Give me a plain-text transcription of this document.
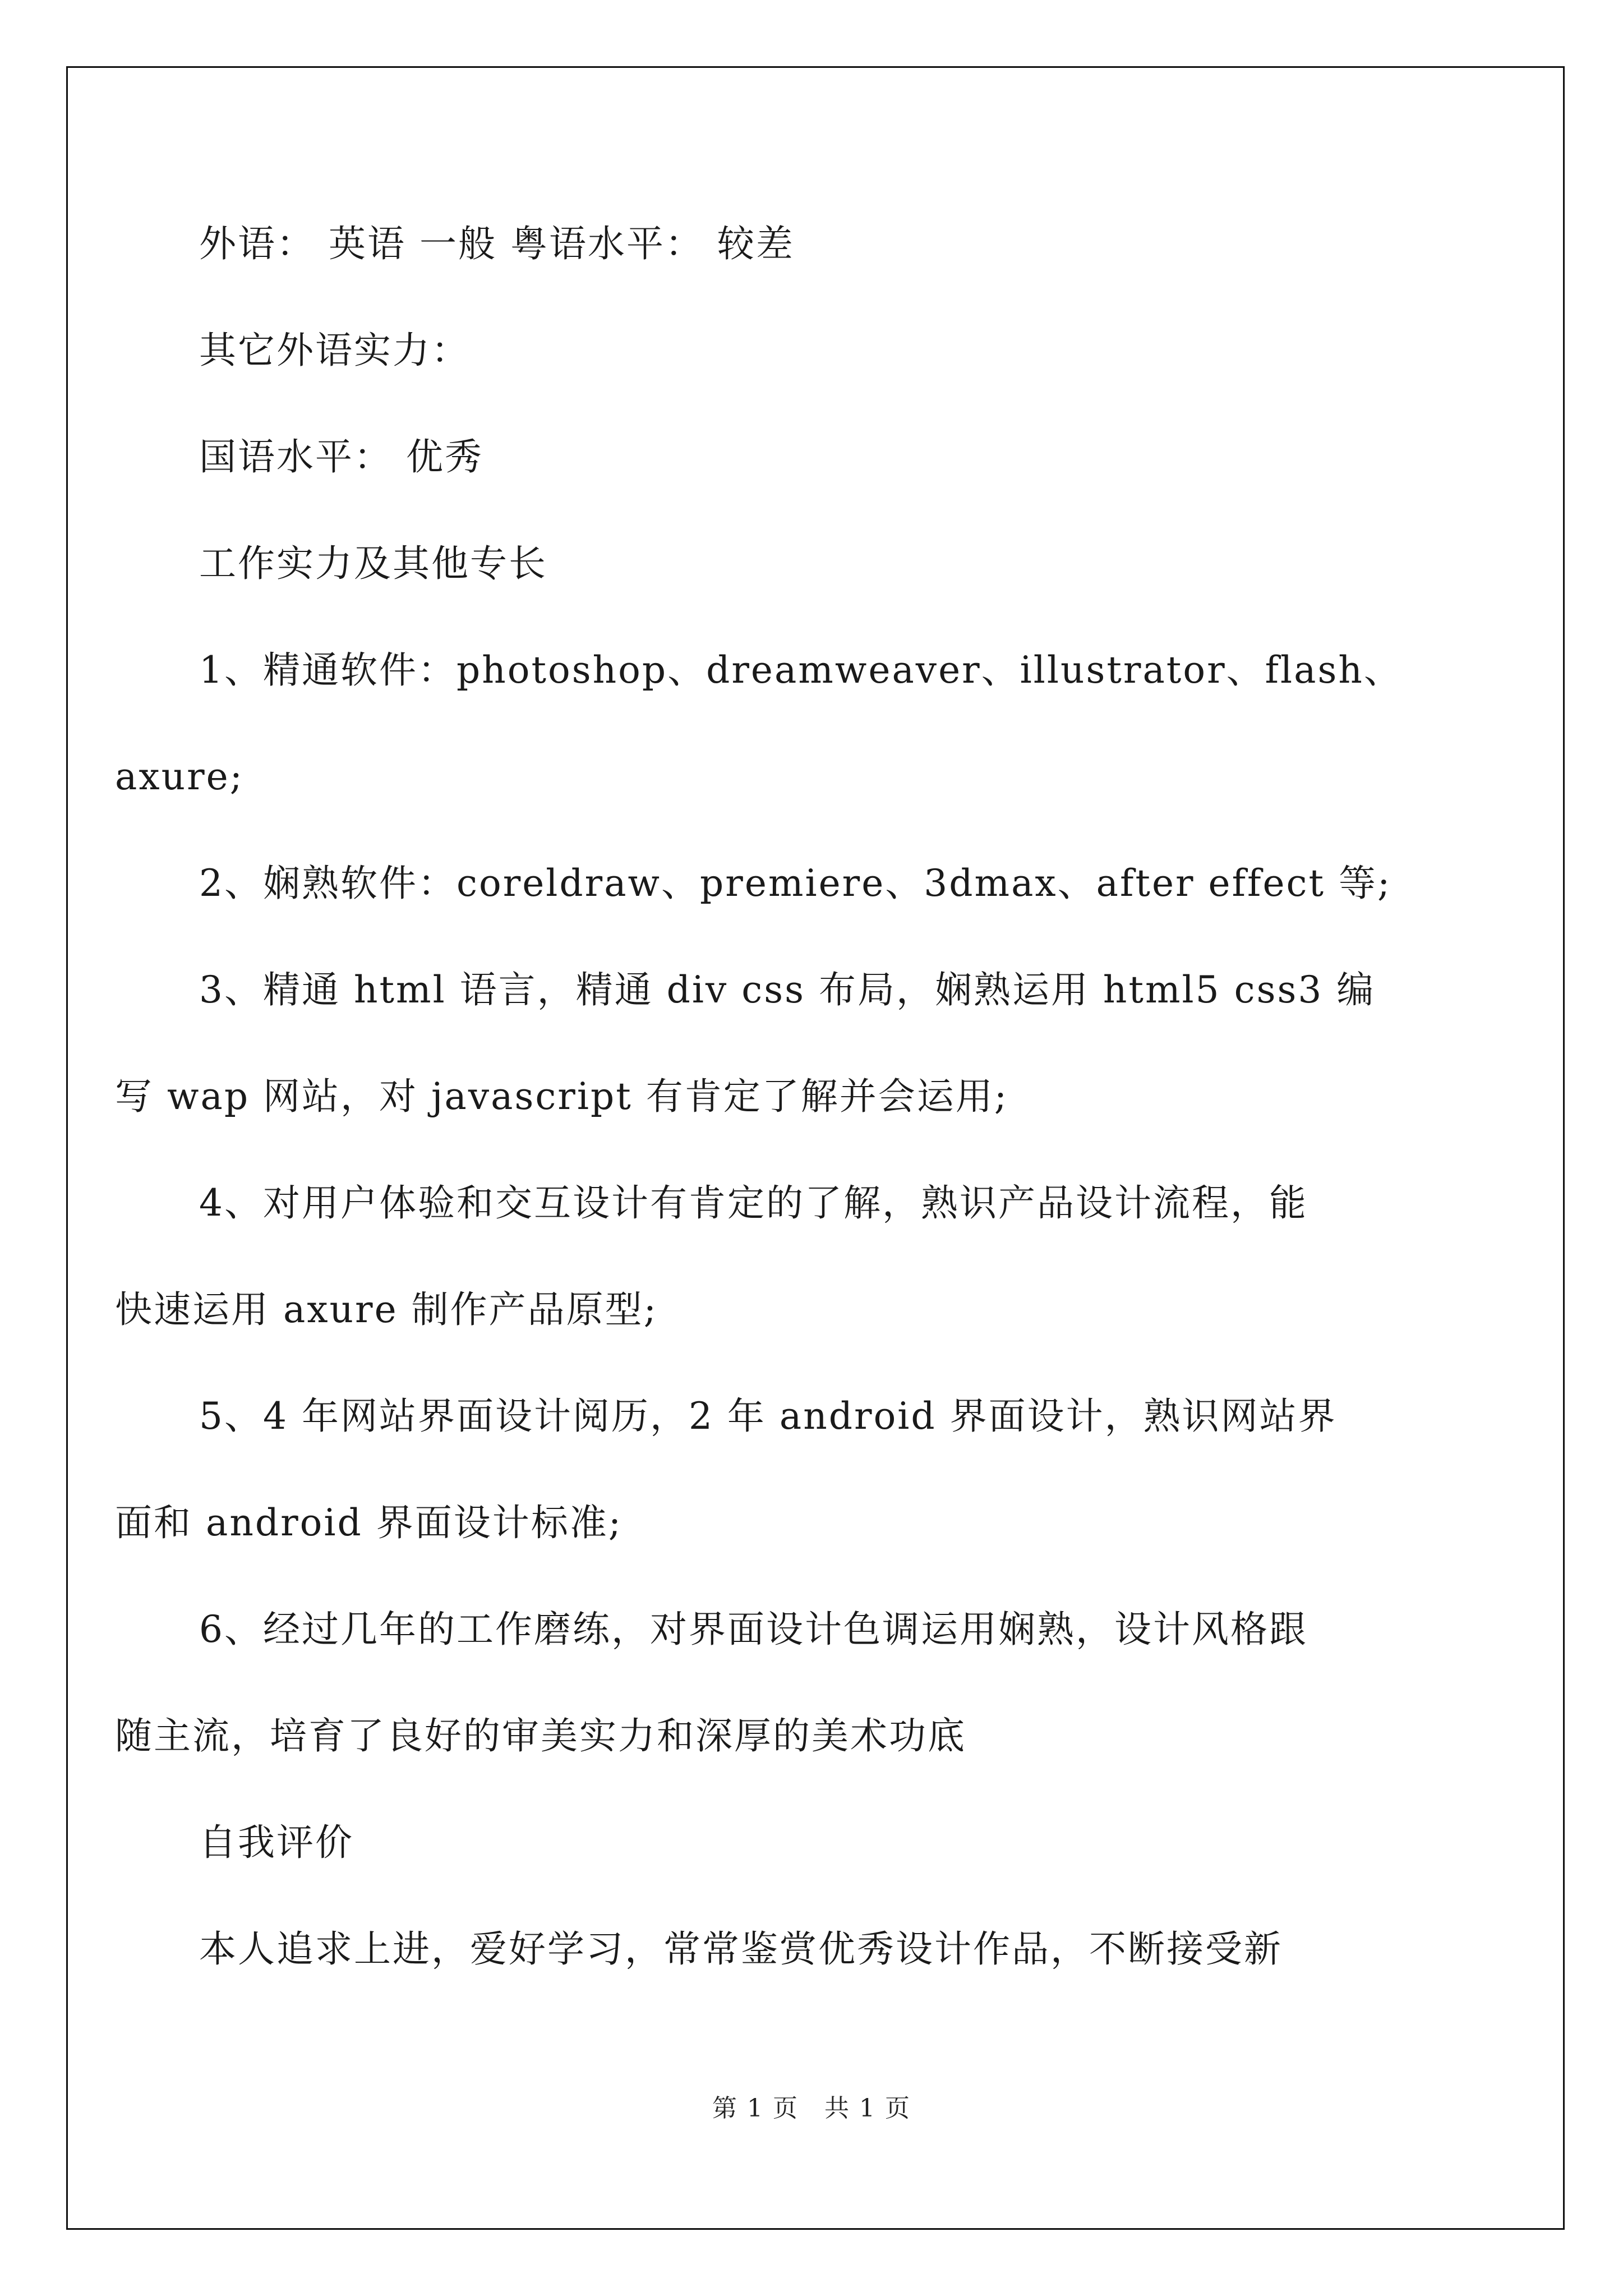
外语： 英语 一般 粤语水平： 较差
其它外语实力：
国语水平： 优秀
工作实力及其他专长
1、精通软件：photoshop、dreamweaver、illustrator、flash、
axure;
2、娴熟软件：coreldraw、premiere、3dmax、after effect 等;
3、精通 html 语言，精通 div css 布局，娴熟运用 html5 css3 编
写 wap 网站，对 javascript 有肯定了解并会运用;
4、对用户体验和交互设计有肯定的了解，熟识产品设计流程，能
快速运用 axure 制作产品原型;
5、4 年网站界面设计阅历，2 年 android 界面设计，熟识网站界
面和 android 界面设计标准;
6、经过几年的工作磨练，对界面设计色调运用娴熟，设计风格跟
随主流，培育了良好的审美实力和深厚的美术功底
自我评价
本人追求上进，爱好学习，常常鉴赏优秀设计作品，不断接受新
第 1 页　共 1 页
